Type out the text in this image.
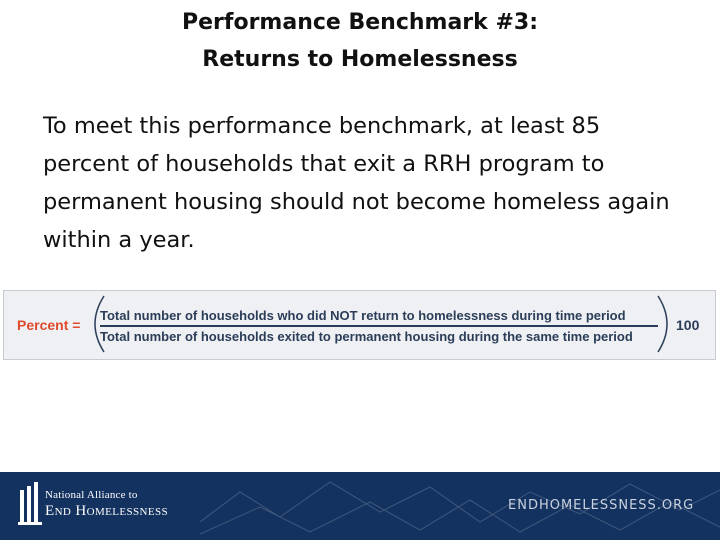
Performance Benchmark #3:
Returns to Homelessness
To meet this performance benchmark, at least 85 percent of households that exit a RRH program to permanent housing should not become homeless again within a year.
Percent =
Total number of households who did NOT return to homelessness during time period
Total number of households exited to permanent housing during the same time period
100
National Alliance to
End Homelessness	ENDHOMELESSNESS.ORG
